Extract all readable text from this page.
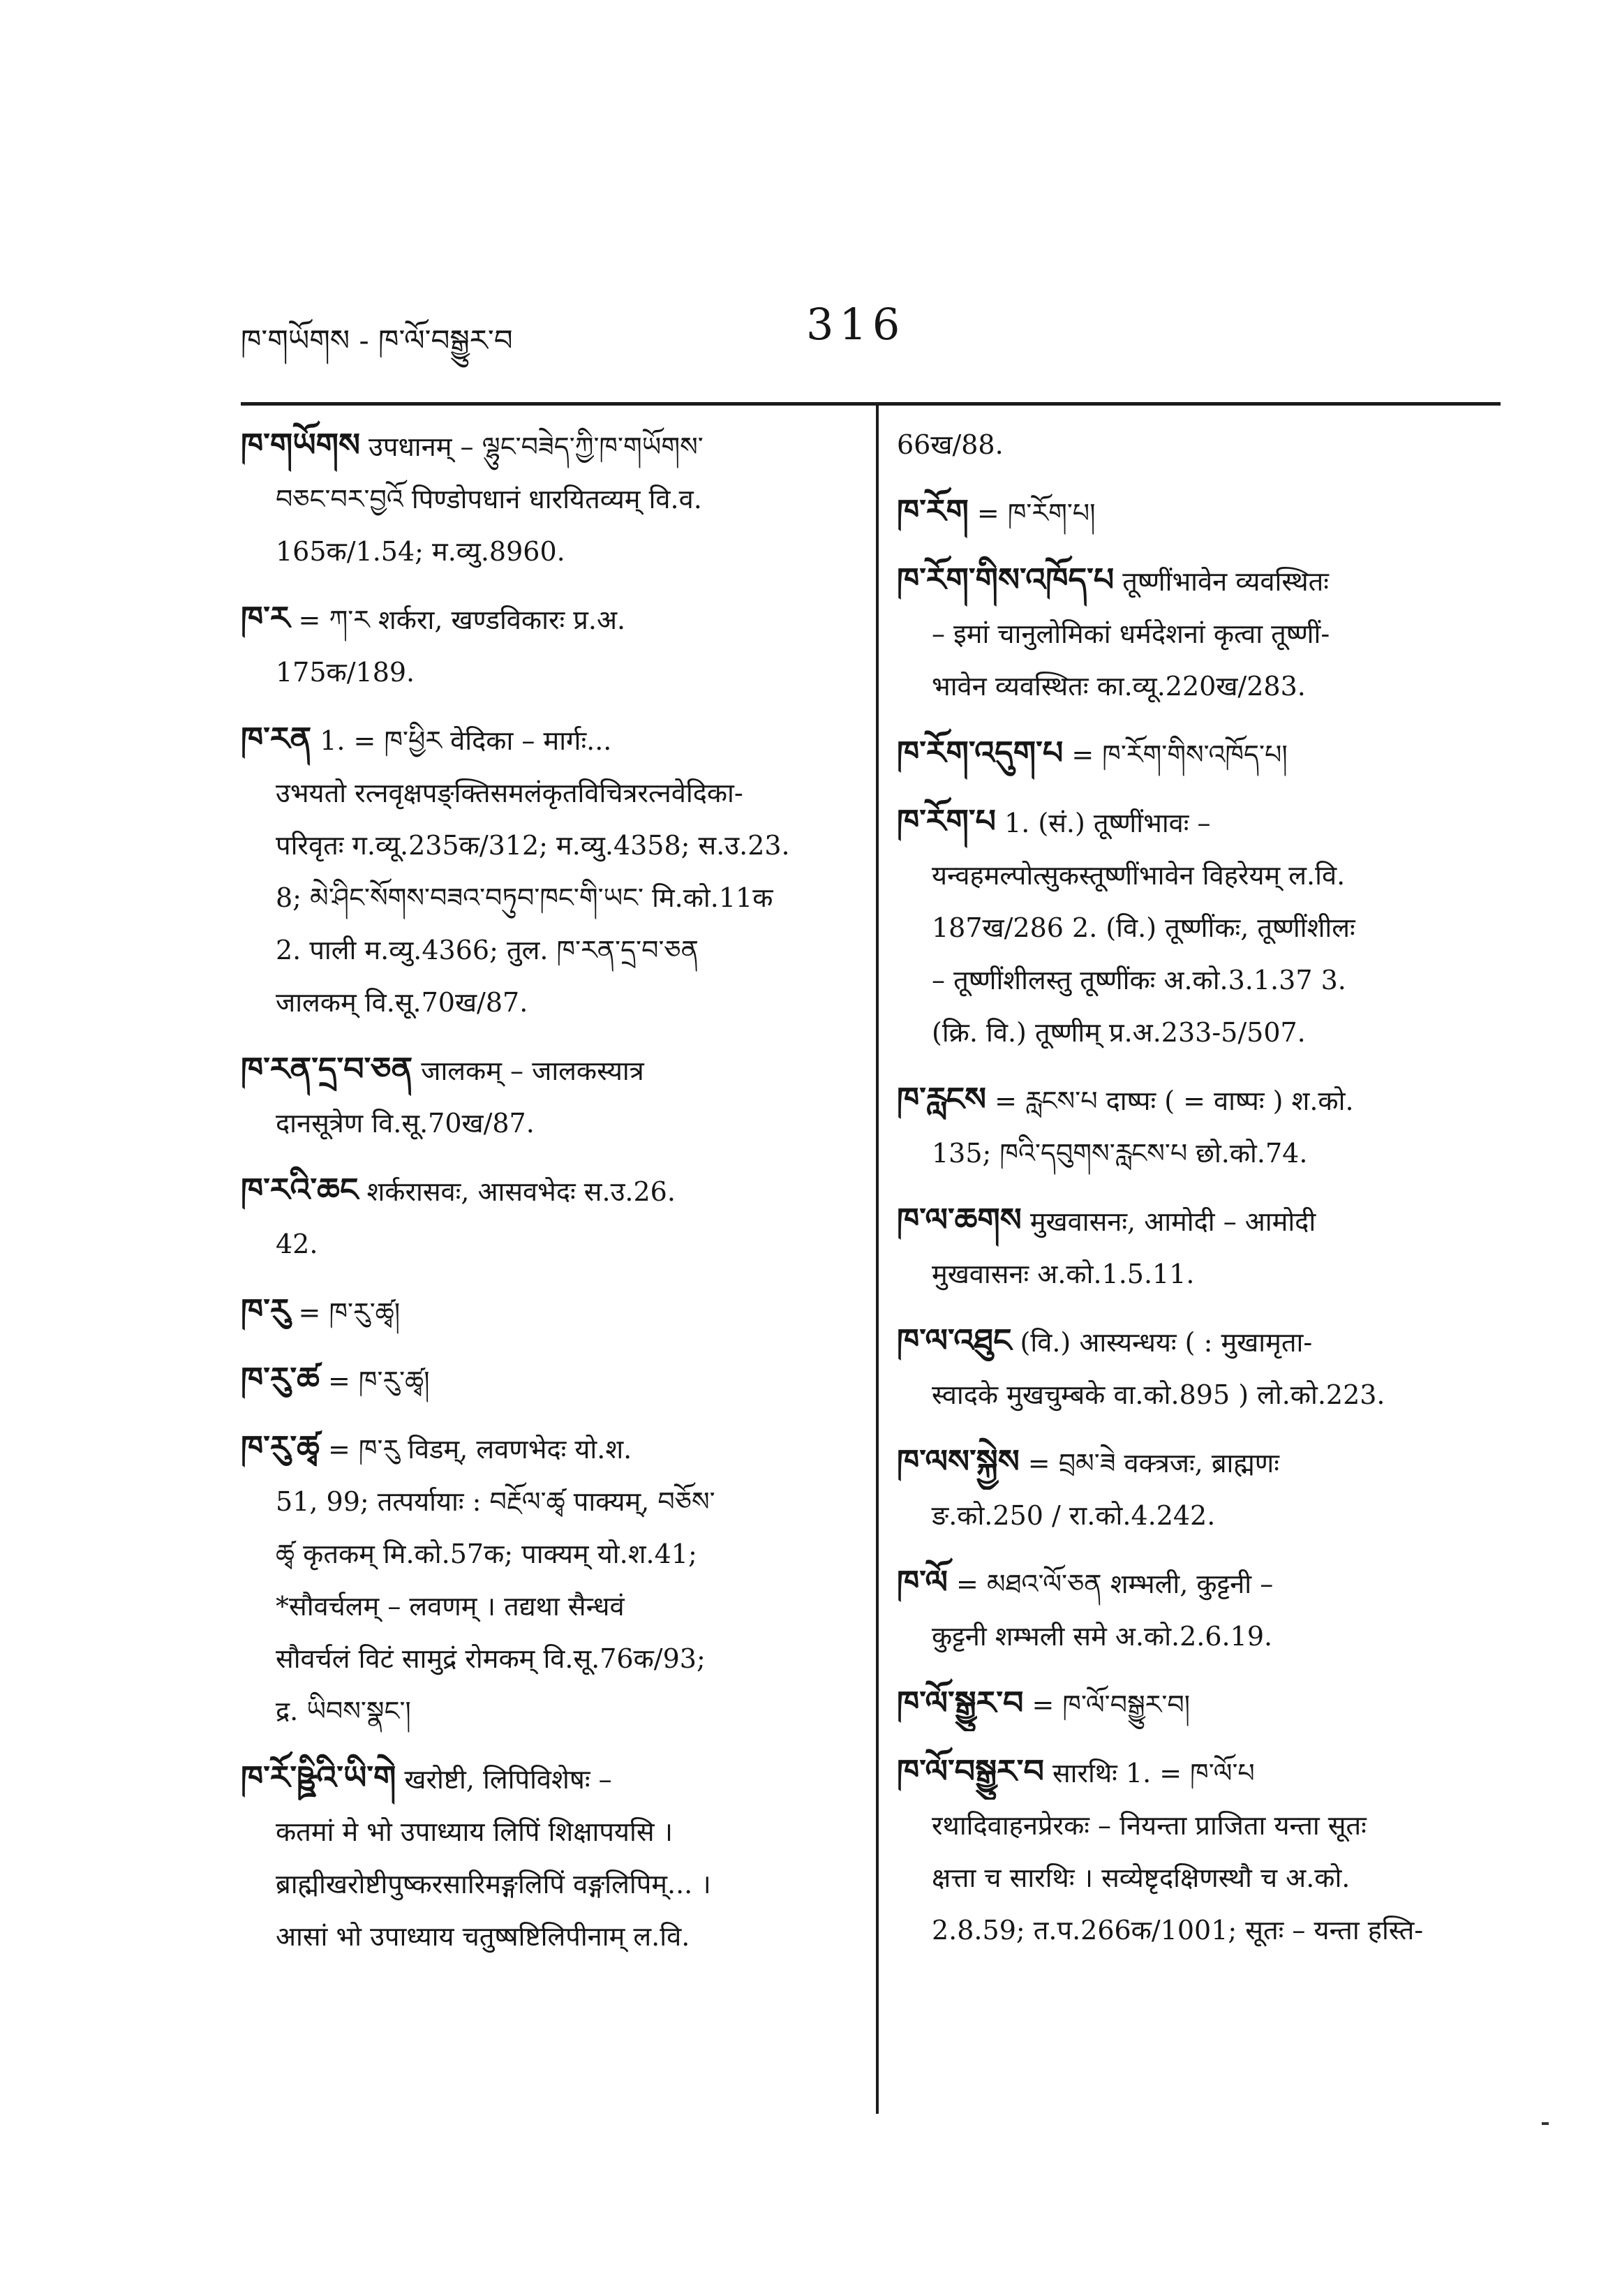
ཁ་གཡོགས - ཁ་ལོ་བསྒྱུར་བ	316
ཁ་གཡོགས उपधानम् – ལྷུང་བཟེད་ཀྱི་ཁ་གཡོགས་
བཅང་བར་བྱའོ पिण्डोपधानं धारयितव्यम् वि.व.
165क/1.54; म.व्यु.8960.
ཁ་ར = ཀ་ར शर्करा, खण्डविकारः प्र.अ.
175क/189.
ཁ་རན 1. = ཁ་ཕྱིར वेदिका – मार्गः...
उभयतो रत्नवृक्षपङ्क्तिसमलंकृतविचित्ररत्नवेदिका-
परिवृतः ग.व्यू.235क/312; म.व्यु.4358; स.उ.23.
8; མེ་ཤིང་སོགས་བཟའ་བཏུབ་ཁང་གི་ཡང་ मि.को.11क
2. पाली म.व्यु.4366; तुल. ཁ་རན་དྲ་བ་ཅན
जालकम् वि.सू.70ख/87.
ཁ་རན་དྲ་བ་ཅན जालकम् – जालकस्यात्र
दानसूत्रेण वि.सू.70ख/87.
ཁ་རའི་ཆང शर्करासवः, आसवभेदः स.उ.26.
42.
ཁ་རུ = ཁ་རུ་ཚྭ།
ཁ་རུ་ཚ = ཁ་རུ་ཚྭ།
ཁ་རུ་ཚྭ = ཁ་རུ विडम्, लवणभेदः यो.श.
51, 99; तत्पर्यायाः : བརྔོལ་ཚྭ पाक्यम्, བཅོས་
ཚྭ कृतकम् मि.को.57क; पाक्यम् यो.श.41;
*सौवर्चलम् – लवणम् । तद्यथा सैन्धवं
सौवर्चलं विटं सामुद्रं रोमकम् वि.सू.76क/93;
द्र. ཡིབས་སྣང་།
ཁ་རོ་ཥྛིའི་ཡི་གེ खरोष्टी, लिपिविशेषः –
कतमां मे भो उपाध्याय लिपिं शिक्षापयसि ।
ब्राह्मीखरोष्टीपुष्करसारिमङ्गलिपिं वङ्गलिपिम्... ।
आसां भो उपाध्याय चतुष्षष्टिलिपीनाम् ल.वि.
66ख/88.
ཁ་རོག = ཁ་རོག་པ།
ཁ་རོག་གིས་འཁོད་པ तूष्णींभावेन व्यवस्थितः
– इमां चानुलोमिकां धर्मदेशनां कृत्वा तूष्णीं-
भावेन व्यवस्थितः का.व्यू.220ख/283.
ཁ་རོག་འདུག་པ = ཁ་རོག་གིས་འཁོད་པ།
ཁ་རོག་པ 1. (सं.) तूष्णींभावः –
यन्वहमल्पोत्सुकस्तूष्णींभावेन विहरेयम् ल.वि.
187ख/286 2. (वि.) तूष्णींकः, तूष्णींशीलः
– तूष्णींशीलस्तु तूष्णींकः अ.को.3.1.37 3.
(क्रि. वि.) तूष्णीम् प्र.अ.233-5/507.
ཁ་རླངས = རླངས་པ दाष्पः ( = वाष्पः ) श.को.
135; ཁའི་དབུགས་རླངས་པ छो.को.74.
ཁ་ལ་ཆགས मुखवासनः, आमोदी – आमोदी
मुखवासनः अ.को.1.5.11.
ཁ་ལ་འཐུང (वि.) आस्यन्धयः ( : मुखामृता-
स्वादके मुखचुम्बके वा.को.895 ) लो.को.223.
ཁ་ལས་སྐྱེས = བྲམ་ཟེ वक्त्रजः, ब्राह्मणः
ङ.को.250 / रा.को.4.242.
ཁ་ལོ = མཐའ་ལོ་ཅན शम्भली, कुट्टनी –
कुट्टनी शम्भली समे अ.को.2.6.19.
ཁ་ལོ་སྒྱུར་བ = ཁ་ལོ་བསྒྱུར་བ།
ཁ་ལོ་བསྒྱུར་བ सारथिः 1. = ཁ་ལོ་པ
रथादिवाहनप्रेरकः – नियन्ता प्राजिता यन्ता सूतः
क्षत्ता च सारथिः । सव्येष्टृदक्षिणस्थौ च अ.को.
2.8.59; त.प.266क/1001; सूतः – यन्ता हस्ति-
